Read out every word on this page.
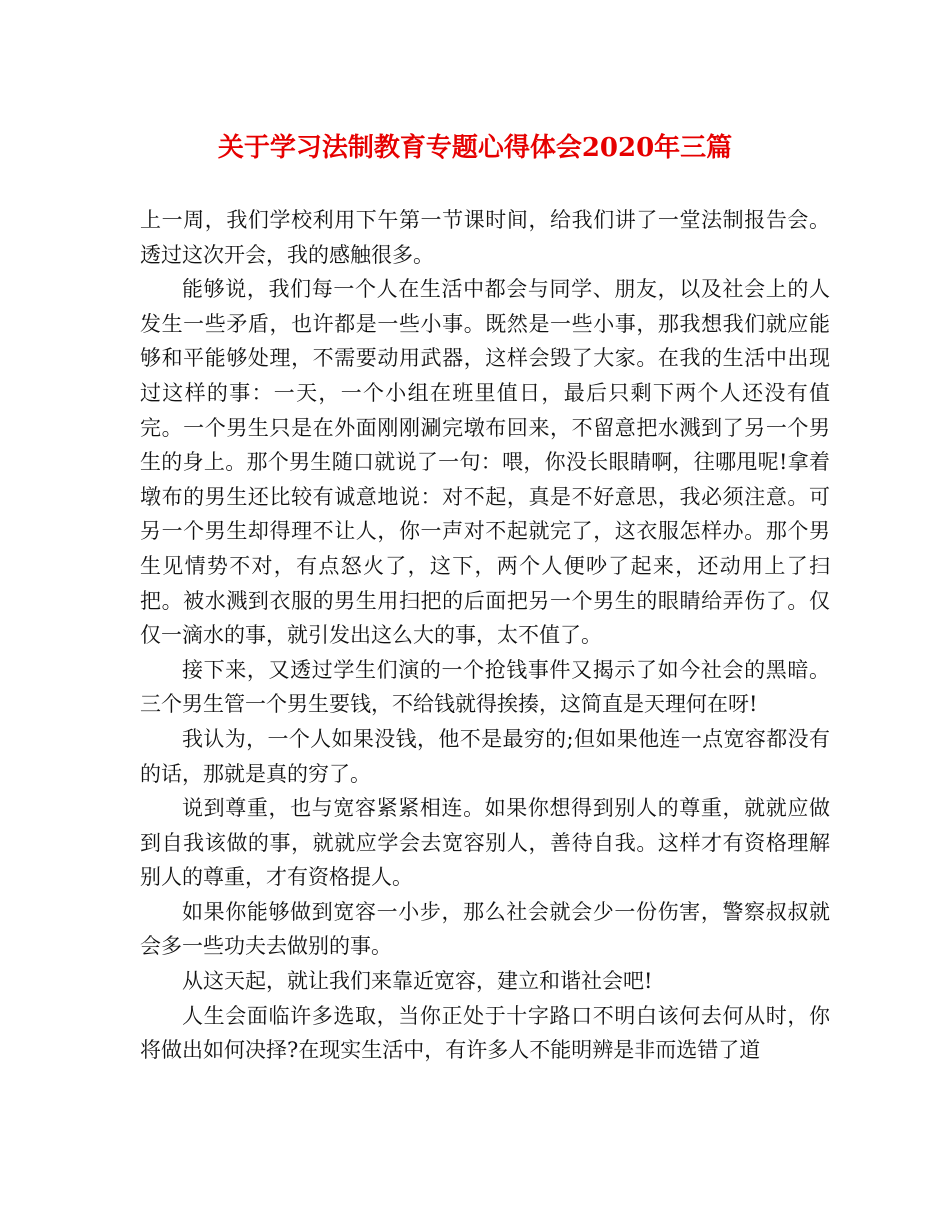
关于学习法制教育专题心得体会2020年三篇

上一周，我们学校利用下午第一节课时间，给我们讲了一堂法制报告会。透过这次开会，我的感触很多。

能够说，我们每一个人在生活中都会与同学、朋友，以及社会上的人发生一些矛盾，也许都是一些小事。既然是一些小事，那我想我们就应能够和平能够处理，不需要动用武器，这样会毁了大家。在我的生活中出现过这样的事：一天，一个小组在班里值日，最后只剩下两个人还没有值完。一个男生只是在外面刚刚涮完墩布回来，不留意把水溅到了另一个男生的身上。那个男生随口就说了一句：喂，你没长眼睛啊，往哪甩呢!拿着墩布的男生还比较有诚意地说：对不起，真是不好意思，我必须注意。可另一个男生却得理不让人，你一声对不起就完了，这衣服怎样办。那个男生见情势不对，有点怒火了，这下，两个人便吵了起来，还动用上了扫把。被水溅到衣服的男生用扫把的后面把另一个男生的眼睛给弄伤了。仅仅一滴水的事，就引发出这么大的事，太不值了。

接下来，又透过学生们演的一个抢钱事件又揭示了如今社会的黑暗。三个男生管一个男生要钱，不给钱就得挨揍，这简直是天理何在呀!

我认为，一个人如果没钱，他不是最穷的;但如果他连一点宽容都没有的话，那就是真的穷了。

说到尊重，也与宽容紧紧相连。如果你想得到别人的尊重，就就应做到自我该做的事，就就应学会去宽容别人，善待自我。这样才有资格理解别人的尊重，才有资格提人。

如果你能够做到宽容一小步，那么社会就会少一份伤害，警察叔叔就会多一些功夫去做别的事。

从这天起，就让我们来靠近宽容，建立和谐社会吧!

人生会面临许多选取，当你正处于十字路口不明白该何去何从时，你将做出如何决择?在现实生活中，有许多人不能明辨是非而选错了道
